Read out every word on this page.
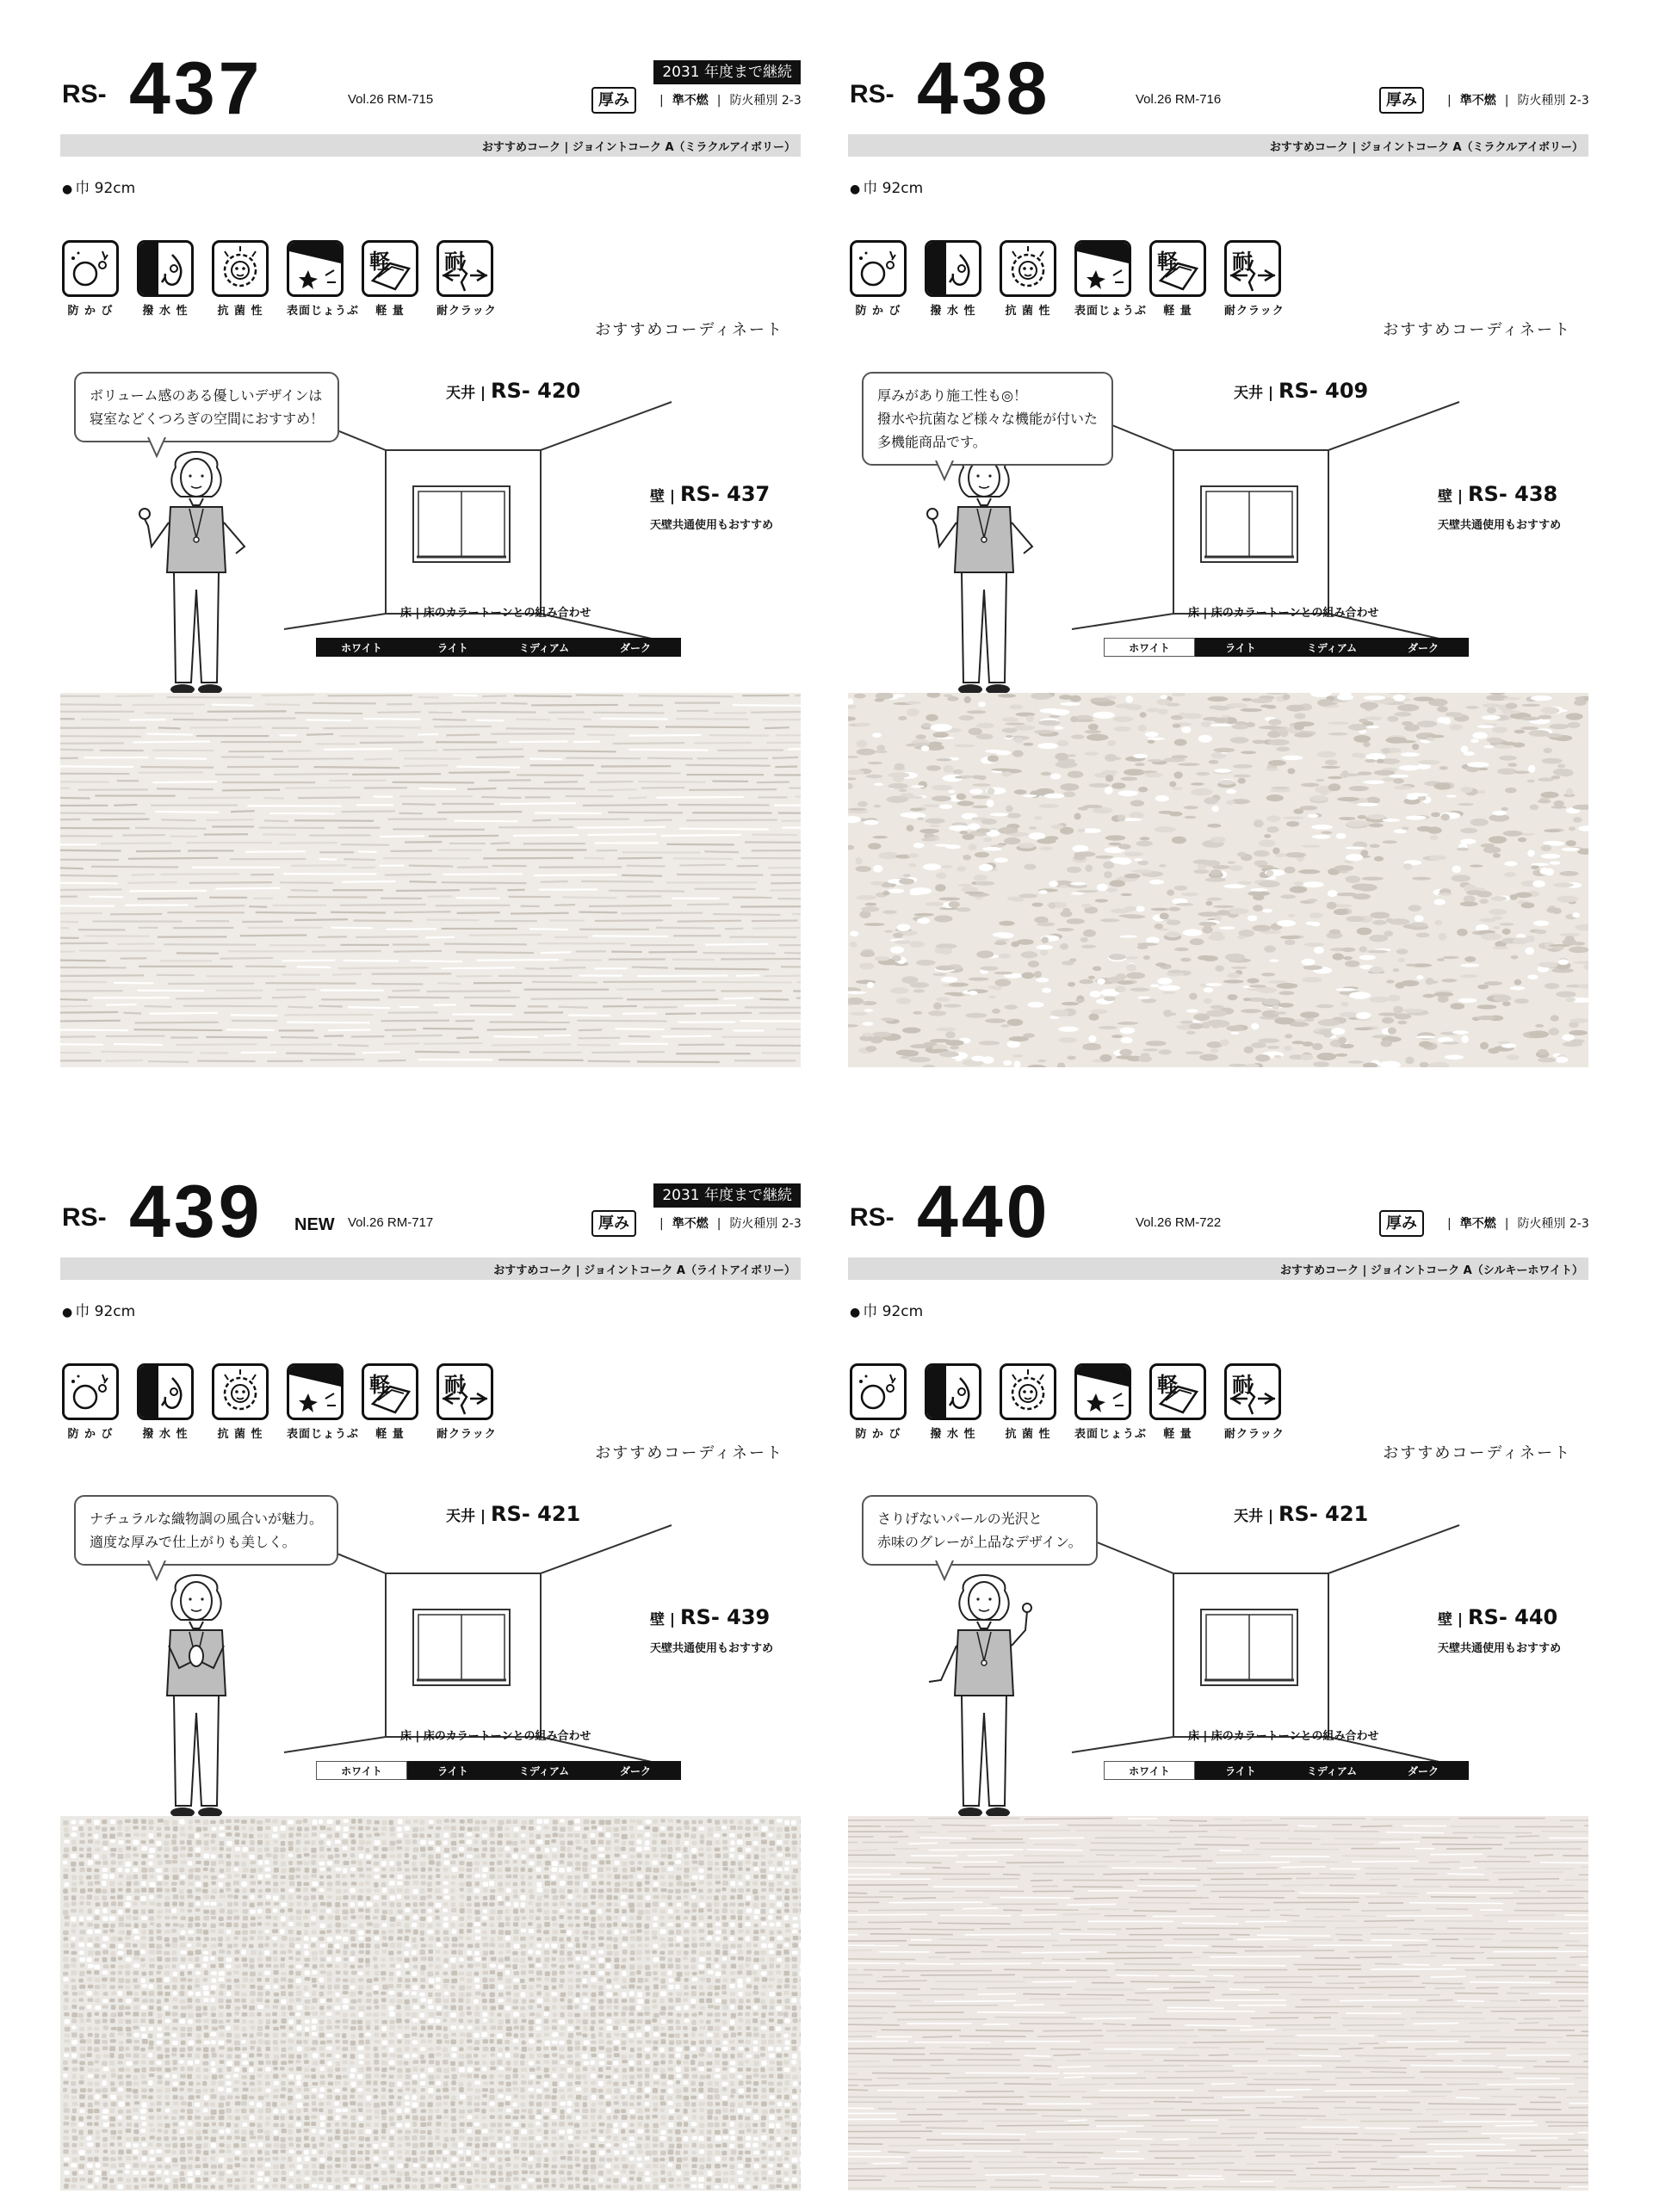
RS- 437	Vol.26 RM-715
2031 年度まで継続
厚み	| 準不燃 | 防火種別 2-3
おすすめコーク | ジョイントコーク A（ミラクルアイボリー）
● 巾 92cm
防 か び	撥 水 性	抗 菌 性	表面じょうぶ
軽
軽 量
耐
耐クラック
おすすめコーディネート
ボリューム感のある優しいデザインは
寝室などくつろぎの空間におすすめ！
天井 | RS- 420
壁 | RS- 437
天壁共通使用もおすすめ
床 | 床のカラートーンとの組み合わせ
ホワイト	ライト	ミディアム	ダーク
RS- 438	Vol.26 RM-716	厚み	| 準不燃 | 防火種別 2-3
おすすめコーク | ジョイントコーク A（ミラクルアイボリー）
● 巾 92cm
防 か び	撥 水 性	抗 菌 性	表面じょうぶ
軽
軽 量
耐
耐クラック
おすすめコーディネート
厚みがあり施工性も◎！
撥水や抗菌など様々な機能が付いた
多機能商品です。
天井 | RS- 409
壁 | RS- 438
天壁共通使用もおすすめ
床 | 床のカラートーンとの組み合わせ
ホワイト	ライト	ミディアム	ダーク
RS- 439 NEW Vol.26 RM-717
2031 年度まで継続
厚み	| 準不燃 | 防火種別 2-3
おすすめコーク | ジョイントコーク A（ライトアイボリー）
● 巾 92cm
防 か び	撥 水 性	抗 菌 性	表面じょうぶ
軽
軽 量
耐
耐クラック
おすすめコーディネート
ナチュラルな織物調の風合いが魅力。
適度な厚みで仕上がりも美しく。
天井 | RS- 421
壁 | RS- 439
天壁共通使用もおすすめ
床 | 床のカラートーンとの組み合わせ
ホワイト	ライト	ミディアム	ダーク
RS- 440	Vol.26 RM-722	厚み	| 準不燃 | 防火種別 2-3
おすすめコーク | ジョイントコーク A（シルキーホワイト）
● 巾 92cm
防 か び	撥 水 性	抗 菌 性	表面じょうぶ
軽
軽 量
耐
耐クラック
おすすめコーディネート
さりげないパールの光沢と
赤味のグレーが上品なデザイン。
天井 | RS- 421
壁 | RS- 440
天壁共通使用もおすすめ
床 | 床のカラートーンとの組み合わせ
ホワイト	ライト	ミディアム	ダーク
